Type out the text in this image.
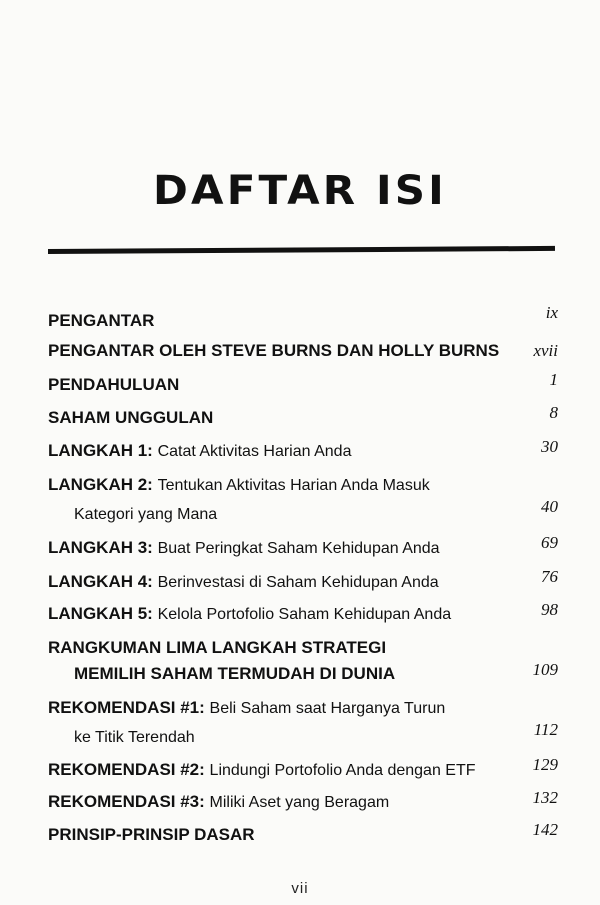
DAFTAR ISI
PENGANTAR	ix
PENGANTAR OLEH STEVE BURNS DAN HOLLY BURNS xvii
PENDAHULUAN	1
SAHAM UNGGULAN	8
LANGKAH 1: Catat Aktivitas Harian Anda	30
LANGKAH 2: Tentukan Aktivitas Harian Anda Masuk
Kategori yang Mana	40
LANGKAH 3: Buat Peringkat Saham Kehidupan Anda	69
LANGKAH 4: Berinvestasi di Saham Kehidupan Anda	76
LANGKAH 5: Kelola Portofolio Saham Kehidupan Anda	98
RANGKUMAN LIMA LANGKAH STRATEGI
MEMILIH SAHAM TERMUDAH DI DUNIA	109
REKOMENDASI #1: Beli Saham saat Harganya Turun
ke Titik Terendah	112
REKOMENDASI #2: Lindungi Portofolio Anda dengan ETF	129
REKOMENDASI #3: Miliki Aset yang Beragam	132
PRINSIP-PRINSIP DASAR	142
vii
